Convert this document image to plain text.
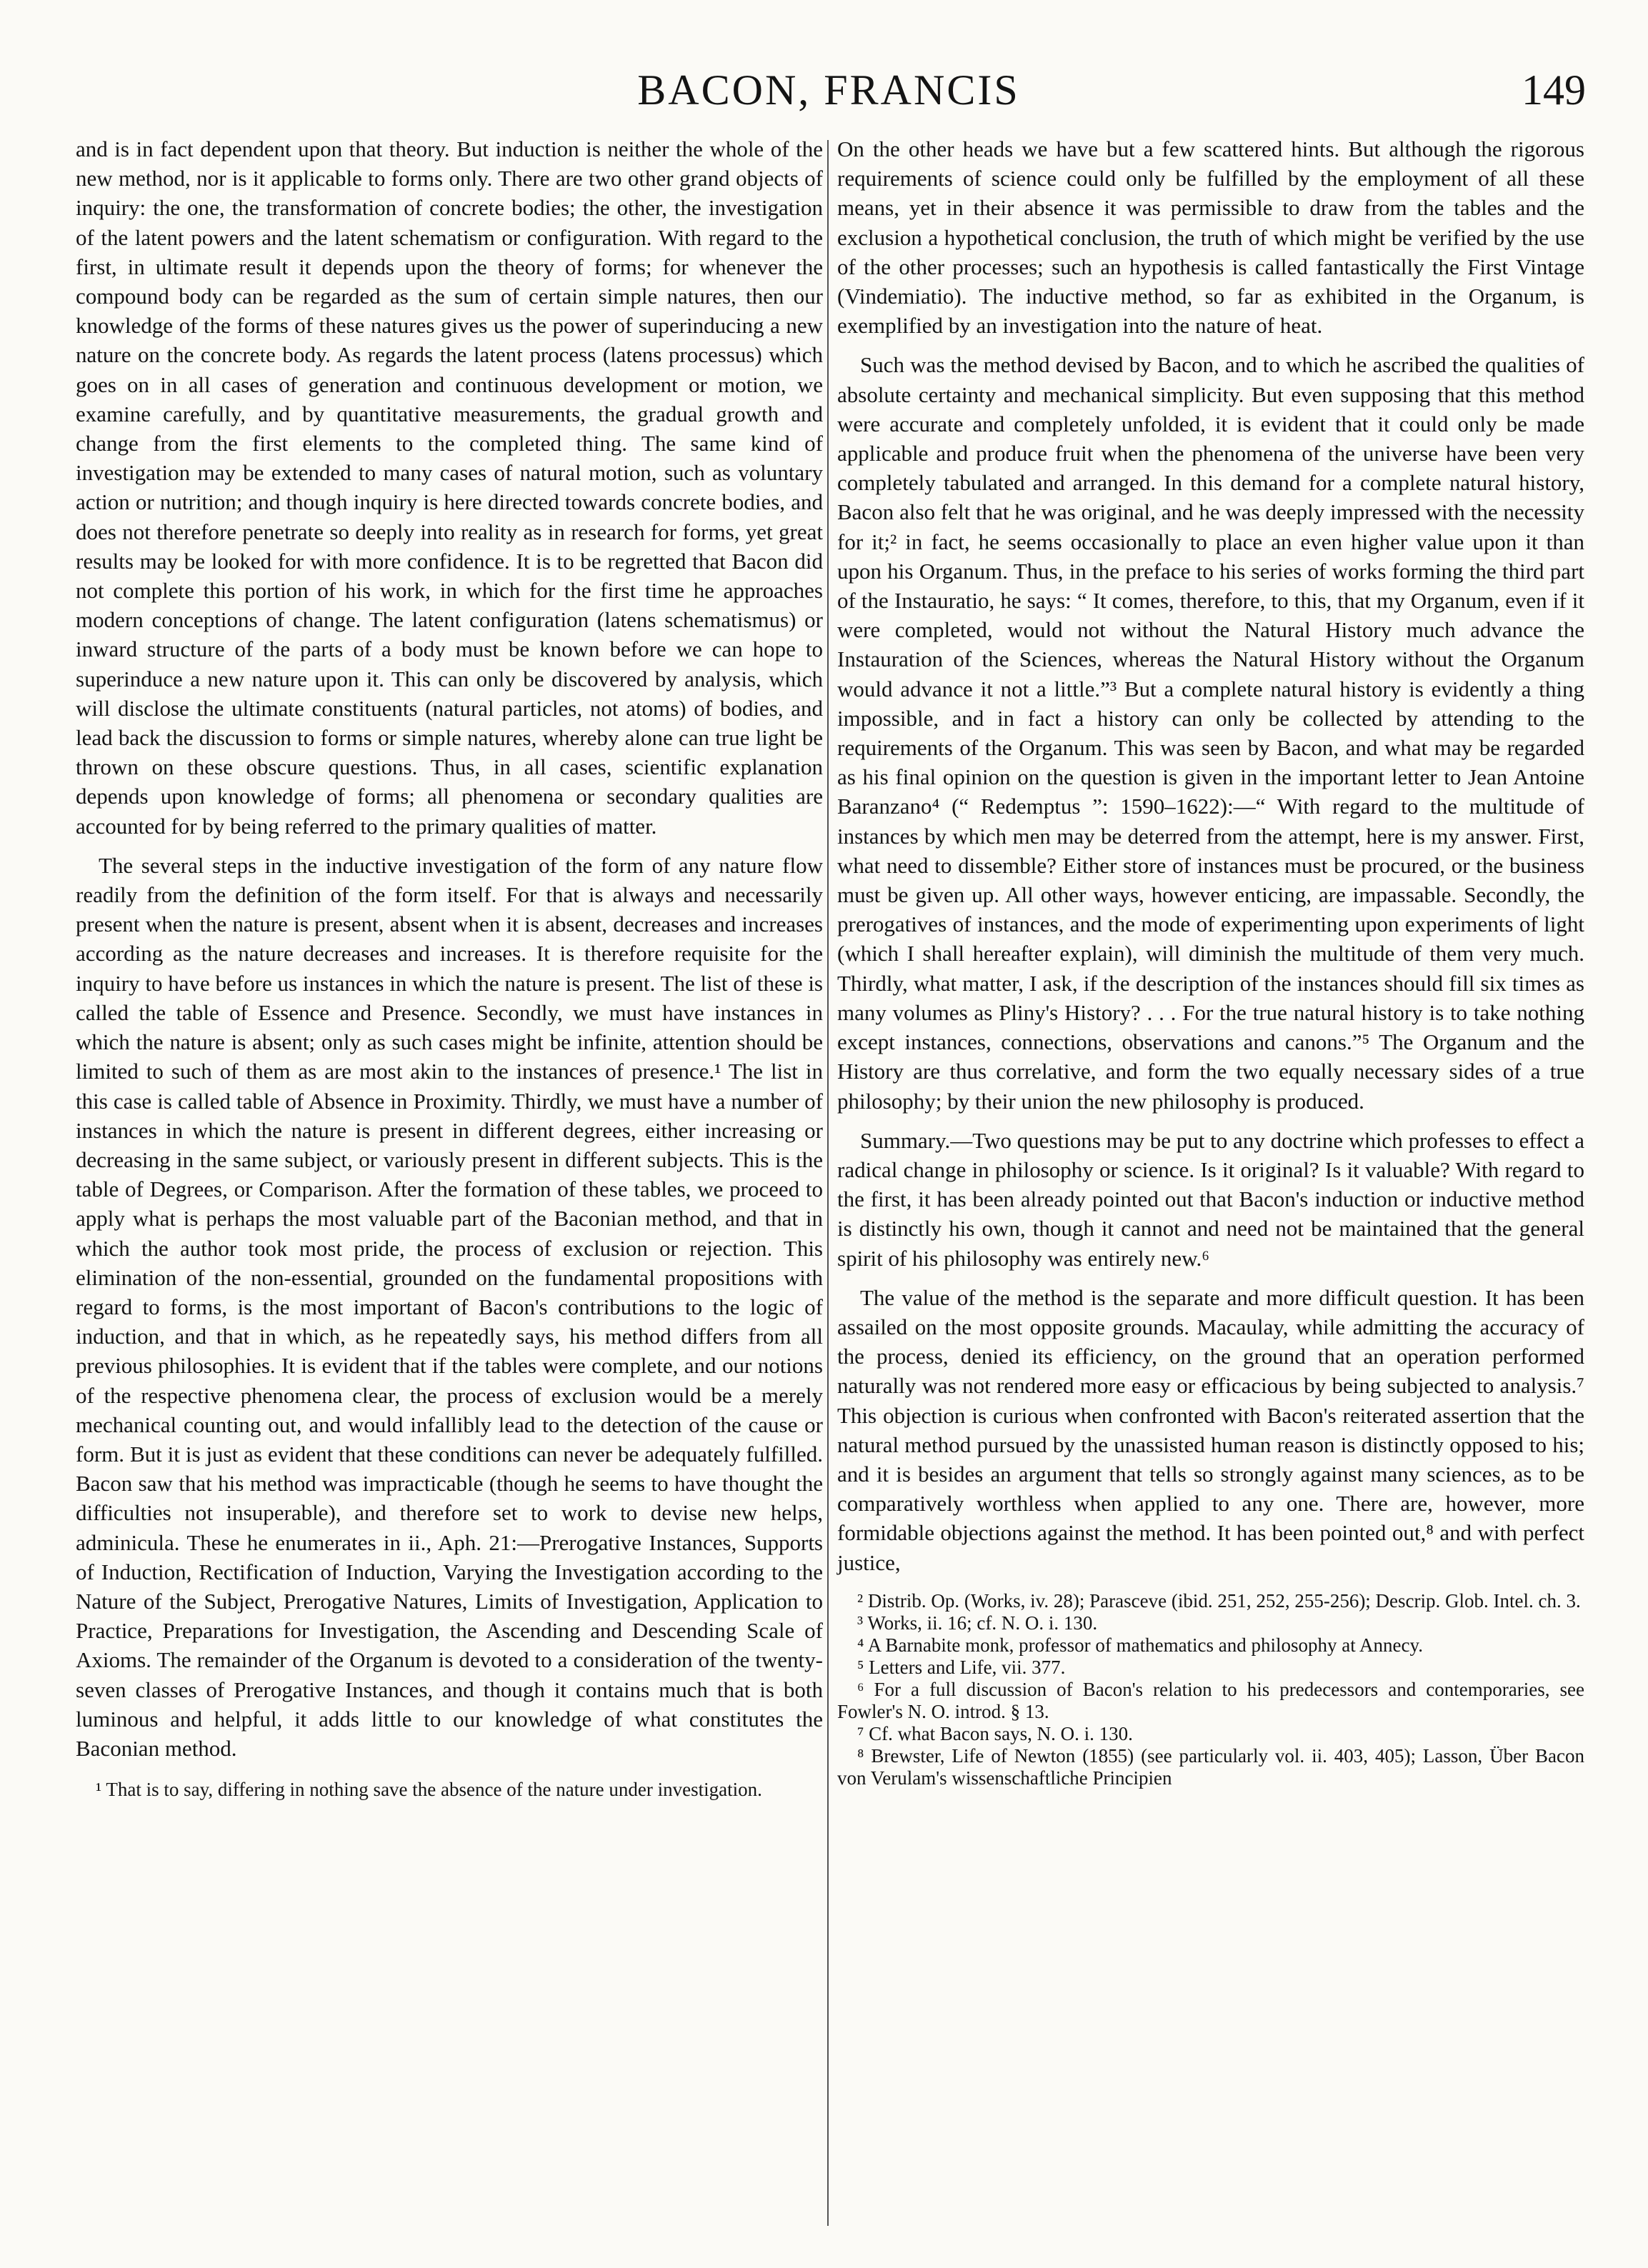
BACON, FRANCIS	149

and is in fact dependent upon that theory. But induction is neither the whole of the new method, nor is it applicable to forms only. There are two other grand objects of inquiry: the one, the transformation of concrete bodies; the other, the investigation of the latent powers and the latent schematism or configuration. With regard to the first, in ultimate result it depends upon the theory of forms; for whenever the compound body can be regarded as the sum of certain simple natures, then our knowledge of the forms of these natures gives us the power of superinducing a new nature on the concrete body. As regards the latent process (latens processus) which goes on in all cases of generation and continuous development or motion, we examine carefully, and by quantitative measurements, the gradual growth and change from the first elements to the completed thing. The same kind of investigation may be extended to many cases of natural motion, such as voluntary action or nutrition; and though inquiry is here directed towards concrete bodies, and does not therefore penetrate so deeply into reality as in research for forms, yet great results may be looked for with more confidence. It is to be regretted that Bacon did not complete this portion of his work, in which for the first time he approaches modern conceptions of change. The latent configuration (latens schematismus) or inward structure of the parts of a body must be known before we can hope to superinduce a new nature upon it. This can only be discovered by analysis, which will disclose the ultimate constituents (natural particles, not atoms) of bodies, and lead back the discussion to forms or simple natures, whereby alone can true light be thrown on these obscure questions. Thus, in all cases, scientific explanation depends upon knowledge of forms; all phenomena or secondary qualities are accounted for by being referred to the primary qualities of matter.

The several steps in the inductive investigation of the form of any nature flow readily from the definition of the form itself. For that is always and necessarily present when the nature is present, absent when it is absent, decreases and increases according as the nature decreases and increases. It is therefore requisite for the inquiry to have before us instances in which the nature is present. The list of these is called the table of Essence and Presence. Secondly, we must have instances in which the nature is absent; only as such cases might be infinite, attention should be limited to such of them as are most akin to the instances of presence.¹ The list in this case is called table of Absence in Proximity. Thirdly, we must have a number of instances in which the nature is present in different degrees, either increasing or decreasing in the same subject, or variously present in different subjects. This is the table of Degrees, or Comparison. After the formation of these tables, we proceed to apply what is perhaps the most valuable part of the Baconian method, and that in which the author took most pride, the process of exclusion or rejection. This elimination of the non-essential, grounded on the fundamental propositions with regard to forms, is the most important of Bacon's contributions to the logic of induction, and that in which, as he repeatedly says, his method differs from all previous philosophies. It is evident that if the tables were complete, and our notions of the respective phenomena clear, the process of exclusion would be a merely mechanical counting out, and would infallibly lead to the detection of the cause or form. But it is just as evident that these conditions can never be adequately fulfilled. Bacon saw that his method was impracticable (though he seems to have thought the difficulties not insuperable), and therefore set to work to devise new helps, adminicula. These he enumerates in ii., Aph. 21:—Prerogative Instances, Supports of Induction, Rectification of Induction, Varying the Investigation according to the Nature of the Subject, Prerogative Natures, Limits of Investigation, Application to Practice, Preparations for Investigation, the Ascending and Descending Scale of Axioms. The remainder of the Organum is devoted to a consideration of the twenty-seven classes of Prerogative Instances, and though it contains much that is both luminous and helpful, it adds little to our knowledge of what constitutes the Baconian method.

¹ That is to say, differing in nothing save the absence of the nature under investigation.

On the other heads we have but a few scattered hints. But although the rigorous requirements of science could only be fulfilled by the employment of all these means, yet in their absence it was permissible to draw from the tables and the exclusion a hypothetical conclusion, the truth of which might be verified by the use of the other processes; such an hypothesis is called fantastically the First Vintage (Vindemiatio). The inductive method, so far as exhibited in the Organum, is exemplified by an investigation into the nature of heat.

Such was the method devised by Bacon, and to which he ascribed the qualities of absolute certainty and mechanical simplicity. But even supposing that this method were accurate and completely unfolded, it is evident that it could only be made applicable and produce fruit when the phenomena of the universe have been very completely tabulated and arranged. In this demand for a complete natural history, Bacon also felt that he was original, and he was deeply impressed with the necessity for it;² in fact, he seems occasionally to place an even higher value upon it than upon his Organum. Thus, in the preface to his series of works forming the third part of the Instauratio, he says: “ It comes, therefore, to this, that my Organum, even if it were completed, would not without the Natural History much advance the Instauration of the Sciences, whereas the Natural History without the Organum would advance it not a little.”³ But a complete natural history is evidently a thing impossible, and in fact a history can only be collected by attending to the requirements of the Organum. This was seen by Bacon, and what may be regarded as his final opinion on the question is given in the important letter to Jean Antoine Baranzano⁴ (“ Redemptus ”: 1590–1622):—“ With regard to the multitude of instances by which men may be deterred from the attempt, here is my answer. First, what need to dissemble? Either store of instances must be procured, or the business must be given up. All other ways, however enticing, are impassable. Secondly, the prerogatives of instances, and the mode of experimenting upon experiments of light (which I shall hereafter explain), will diminish the multitude of them very much. Thirdly, what matter, I ask, if the description of the instances should fill six times as many volumes as Pliny's History? . . . For the true natural history is to take nothing except instances, connections, observations and canons.”⁵ The Organum and the History are thus correlative, and form the two equally necessary sides of a true philosophy; by their union the new philosophy is produced.

Summary.—Two questions may be put to any doctrine which professes to effect a radical change in philosophy or science. Is it original? Is it valuable? With regard to the first, it has been already pointed out that Bacon's induction or inductive method is distinctly his own, though it cannot and need not be maintained that the general spirit of his philosophy was entirely new.⁶

The value of the method is the separate and more difficult question. It has been assailed on the most opposite grounds. Macaulay, while admitting the accuracy of the process, denied its efficiency, on the ground that an operation performed naturally was not rendered more easy or efficacious by being subjected to analysis.⁷ This objection is curious when confronted with Bacon's reiterated assertion that the natural method pursued by the unassisted human reason is distinctly opposed to his; and it is besides an argument that tells so strongly against many sciences, as to be comparatively worthless when applied to any one. There are, however, more formidable objections against the method. It has been pointed out,⁸ and with perfect justice,

² Distrib. Op. (Works, iv. 28); Parasceve (ibid. 251, 252, 255-256); Descrip. Glob. Intel. ch. 3.

³ Works, ii. 16; cf. N. O. i. 130.

⁴ A Barnabite monk, professor of mathematics and philosophy at Annecy.

⁵ Letters and Life, vii. 377.

⁶ For a full discussion of Bacon's relation to his predecessors and contemporaries, see Fowler's N. O. introd. § 13.

⁷ Cf. what Bacon says, N. O. i. 130.

⁸ Brewster, Life of Newton (1855) (see particularly vol. ii. 403, 405); Lasson, Über Bacon von Verulam's wissenschaftliche Principien
